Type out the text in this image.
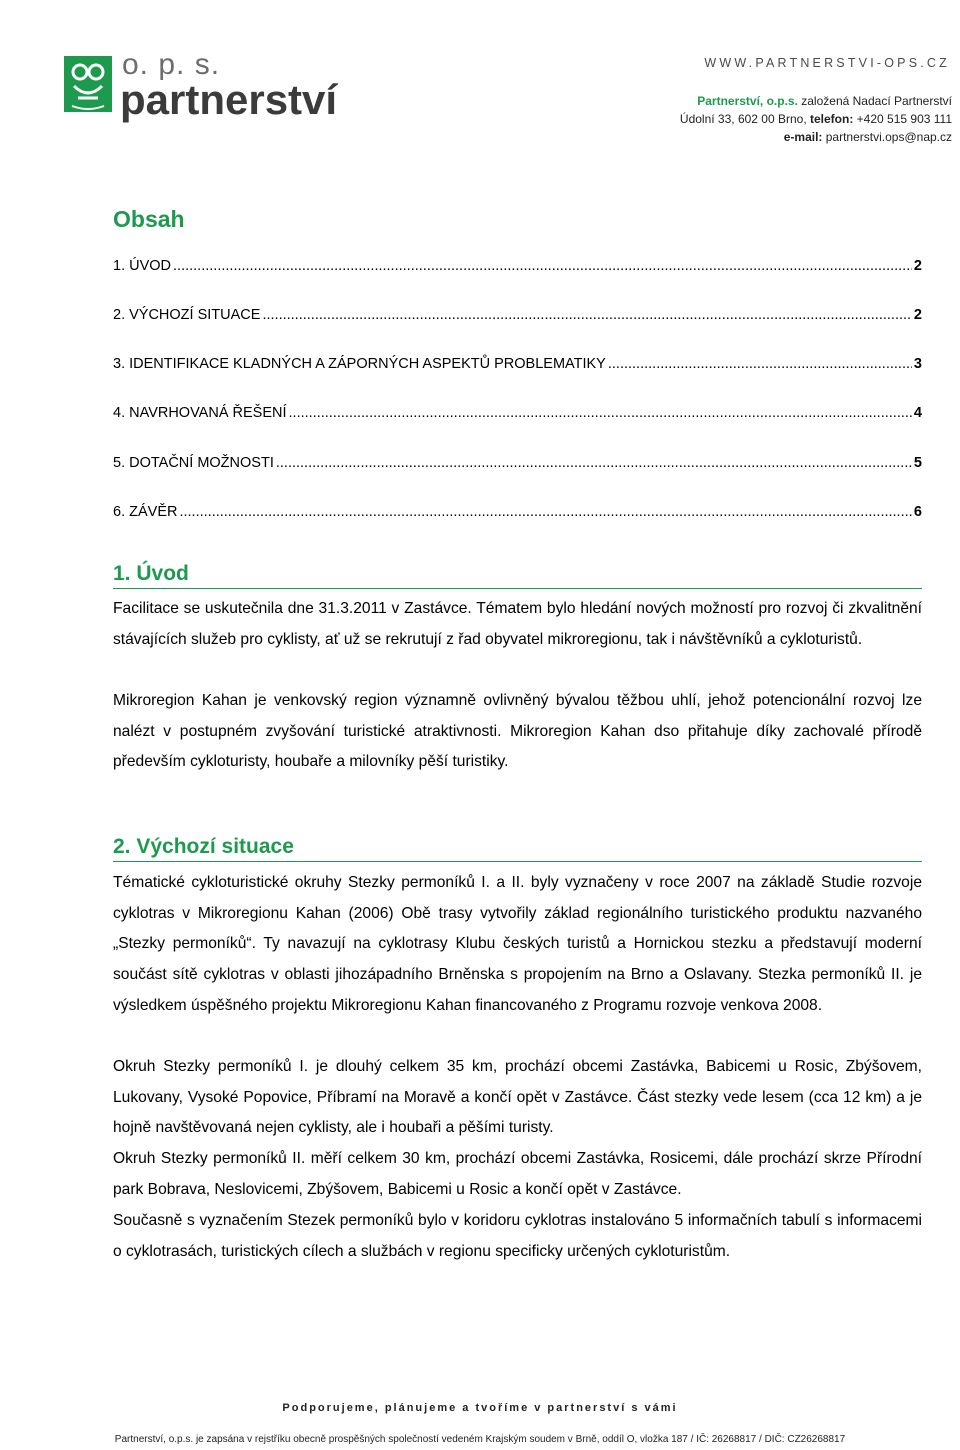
o. p. s.
partnerství
WWW.PARTNERSTVI-OPS.CZ
Partnerství, o.p.s. založená Nadací Partnerství
Údolní 33, 602 00 Brno, telefon: +420 515 903 111
e-mail: partnerstvi.ops@nap.cz
Obsah
1. ÚVOD .....	2
2. VÝCHOZÍ SITUACE .....	2
3. IDENTIFIKACE KLADNÝCH A ZÁPORNÝCH ASPEKTŮ PROBLEMATIKY .....	3
4. NAVRHOVANÁ ŘEŠENÍ .....	4
5. DOTAČNÍ MOŽNOSTI .....	5
6. ZÁVĚR .....	6
1. Úvod

Facilitace se uskutečnila dne 31.3.2011 v Zastávce. Tématem bylo hledání nových možností pro rozvoj či zkvalitnění stávajících služeb pro cyklisty, ať už se rekrutují z řad obyvatel mikroregionu, tak i návštěvníků a cykloturistů.

Mikroregion Kahan je venkovský region významně ovlivněný bývalou těžbou uhlí, jehož potencionální rozvoj lze nalézt v postupném zvyšování turistické atraktivnosti. Mikroregion Kahan dso přitahuje díky zachovalé přírodě především cykloturisty, houbaře a milovníky pěší turistiky.

2. Výchozí situace

Tématické cykloturistické okruhy Stezky permoníků I. a II. byly vyznačeny v roce 2007 na základě Studie rozvoje cyklotras v Mikroregionu Kahan (2006) Obě trasy vytvořily základ regionálního turistického produktu nazvaného „Stezky permoníků“. Ty navazují na cyklotrasy Klubu českých turistů a Hornickou stezku a představují moderní součást sítě cyklotras v oblasti jihozápadního Brněnska s propojením na Brno a Oslavany. Stezka permoníků II. je výsledkem úspěšného projektu Mikroregionu Kahan financovaného z Programu rozvoje venkova 2008.

Okruh Stezky permoníků I. je dlouhý celkem 35 km, prochází obcemi Zastávka, Babicemi u Rosic, Zbýšovem, Lukovany, Vysoké Popovice, Příbramí na Moravě a končí opět v Zastávce. Část stezky vede lesem (cca 12 km) a je hojně navštěvovaná nejen cyklisty, ale i houbaři a pěšími turisty.

Okruh Stezky permoníků II. měří celkem 30 km, prochází obcemi Zastávka, Rosicemi, dále prochází skrze Přírodní park Bobrava, Neslovicemi, Zbýšovem, Babicemi u Rosic a končí opět v Zastávce.

Současně s vyznačením Stezek permoníků bylo v koridoru cyklotras instalováno 5 informačních tabulí s informacemi o cyklotrasách, turistických cílech a službách v regionu specificky určených cykloturistům.

Podporujeme, plánujeme a tvoříme v partnerství s vámi
Partnerství, o.p.s. je zapsána v rejstříku obecně prospěšných společností vedeném Krajským soudem v Brně, oddíl O, vložka 187 / IČ: 26268817 / DIČ: CZ26268817
